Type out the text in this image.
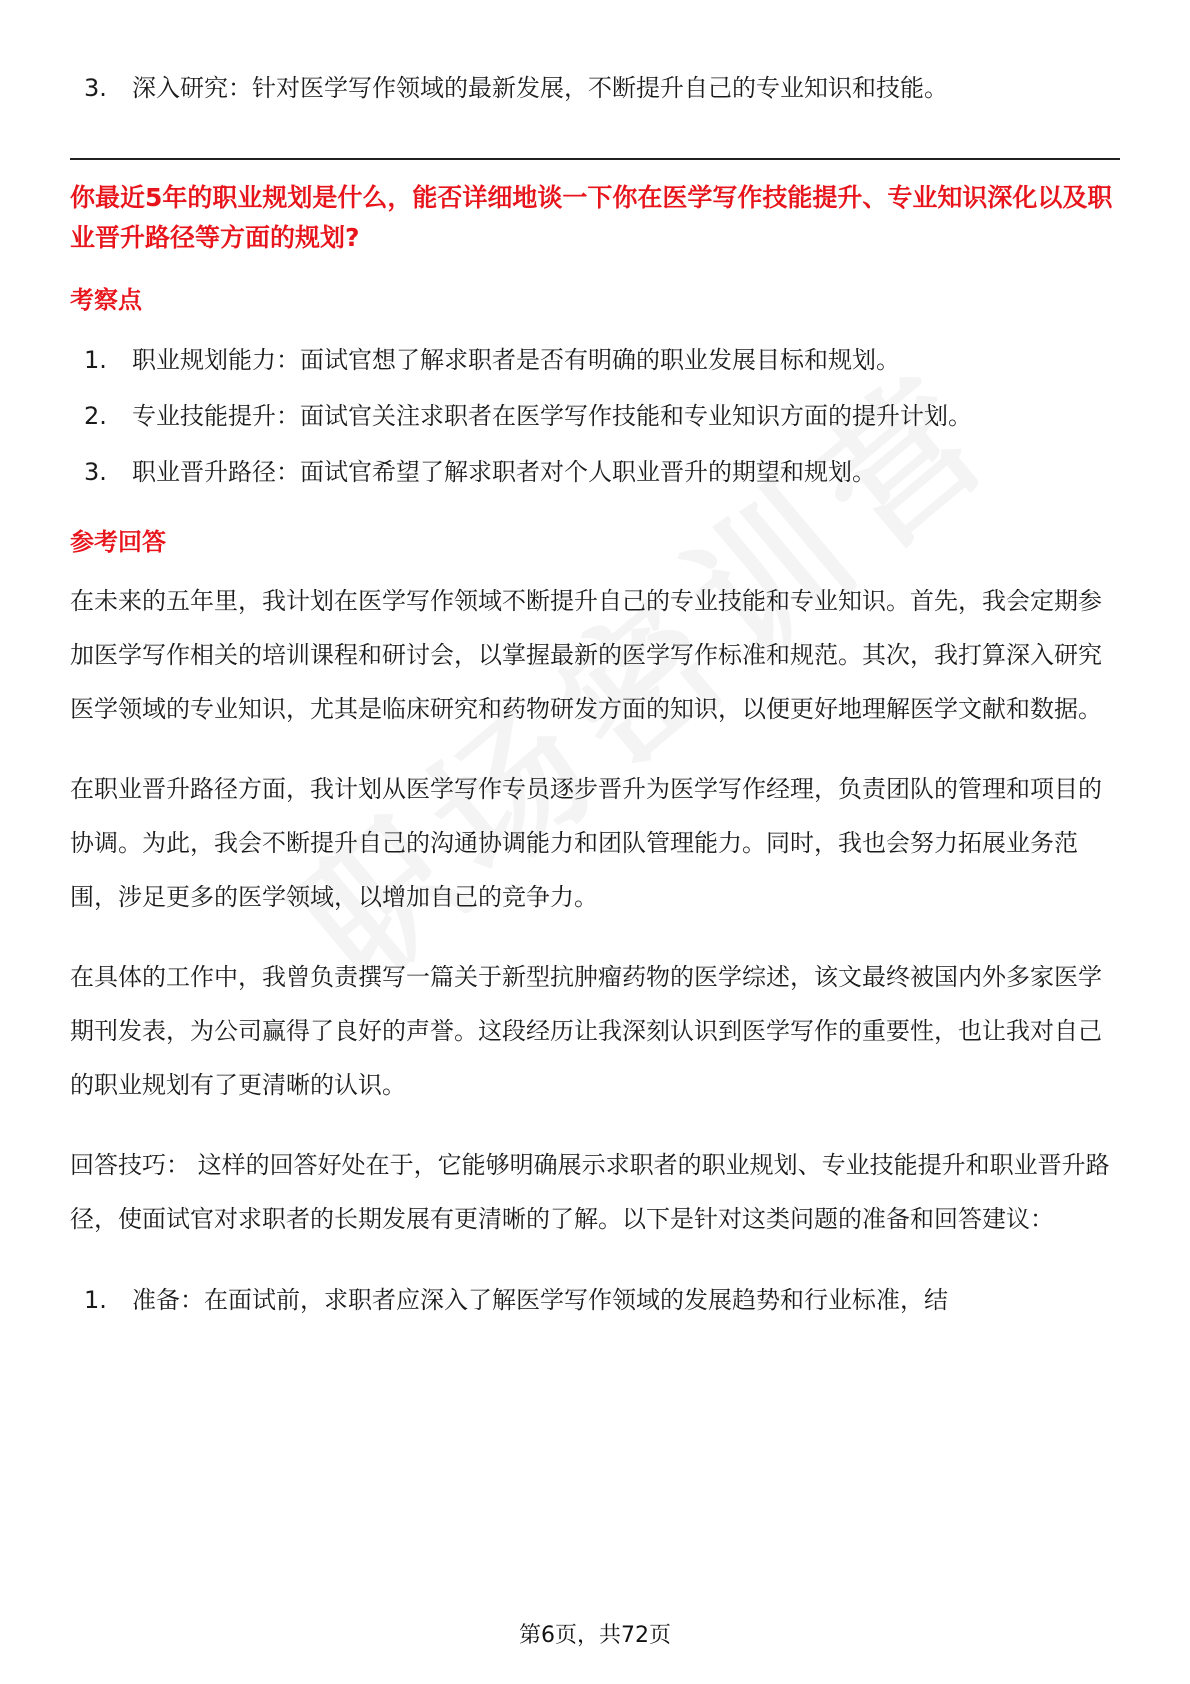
3.	深入研究：针对医学写作领域的最新发展，不断提升自己的专业知识和技能。
你最近5年的职业规划是什么，能否详细地谈一下你在医学写作技能提升、专业知识深化以及职业晋升路径等方面的规划?
考察点
1.	职业规划能力：面试官想了解求职者是否有明确的职业发展目标和规划。
2.	专业技能提升：面试官关注求职者在医学写作技能和专业知识方面的提升计划。
3.	职业晋升路径：面试官希望了解求职者对个人职业晋升的期望和规划。
参考回答

在未来的五年里，我计划在医学写作领域不断提升自己的专业技能和专业知识。首先，我会定期参加医学写作相关的培训课程和研讨会，以掌握最新的医学写作标准和规范。其次，我打算深入研究医学领域的专业知识，尤其是临床研究和药物研发方面的知识，以便更好地理解医学文献和数据。

在职业晋升路径方面，我计划从医学写作专员逐步晋升为医学写作经理，负责团队的管理和项目的协调。为此，我会不断提升自己的沟通协调能力和团队管理能力。同时，我也会努力拓展业务范围，涉足更多的医学领域，以增加自己的竞争力。

在具体的工作中，我曾负责撰写一篇关于新型抗肿瘤药物的医学综述，该文最终被国内外多家医学期刊发表，为公司赢得了良好的声誉。这段经历让我深刻认识到医学写作的重要性，也让我对自己的职业规划有了更清晰的认识。

回答技巧： 这样的回答好处在于，它能够明确展示求职者的职业规划、专业技能提升和职业晋升路径，使面试官对求职者的长期发展有更清晰的了解。以下是针对这类问题的准备和回答建议：

1.	准备：在面试前，求职者应深入了解医学写作领域的发展趋势和行业标准，结
第6页，共72页
